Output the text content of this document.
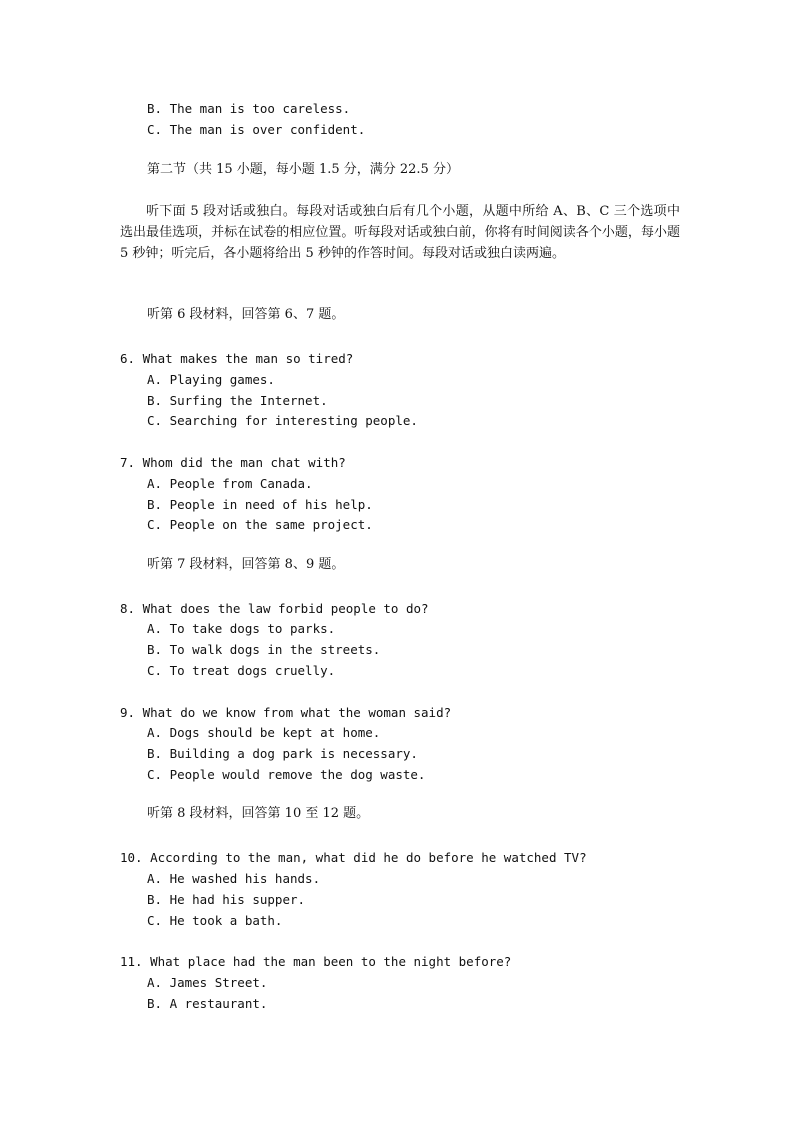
B. The man is too careless.
C. The man is over confident.
第二节（共 15 小题，每小题 1.5 分，满分 22.5 分）
听下面 5 段对话或独白。每段对话或独白后有几个小题，从题中所给 A、B、C 三个选项中选出最佳选项，并标在试卷的相应位置。听每段对话或独白前，你将有时间阅读各个小题，每小题 5 秒钟；听完后，各小题将给出 5 秒钟的作答时间。每段对话或独白读两遍。
听第 6 段材料，回答第 6、7 题。
6. What makes the man so tired?
A. Playing games.
B. Surfing the Internet.
C. Searching for interesting people.
7. Whom did the man chat with?
A. People from Canada.
B. People in need of his help.
C. People on the same project.
听第 7 段材料，回答第 8、9 题。
8. What does the law forbid people to do?
A. To take dogs to parks.
B. To walk dogs in the streets.
C. To treat dogs cruelly.
9. What do we know from what the woman said?
A. Dogs should be kept at home.
B. Building a dog park is necessary.
C. People would remove the dog waste.
听第 8 段材料，回答第 10 至 12 题。
10. According to the man, what did he do before he watched TV?
A. He washed his hands.
B. He had his supper.
C. He took a bath.
11. What place had the man been to the night before?
A. James Street.
B. A restaurant.
